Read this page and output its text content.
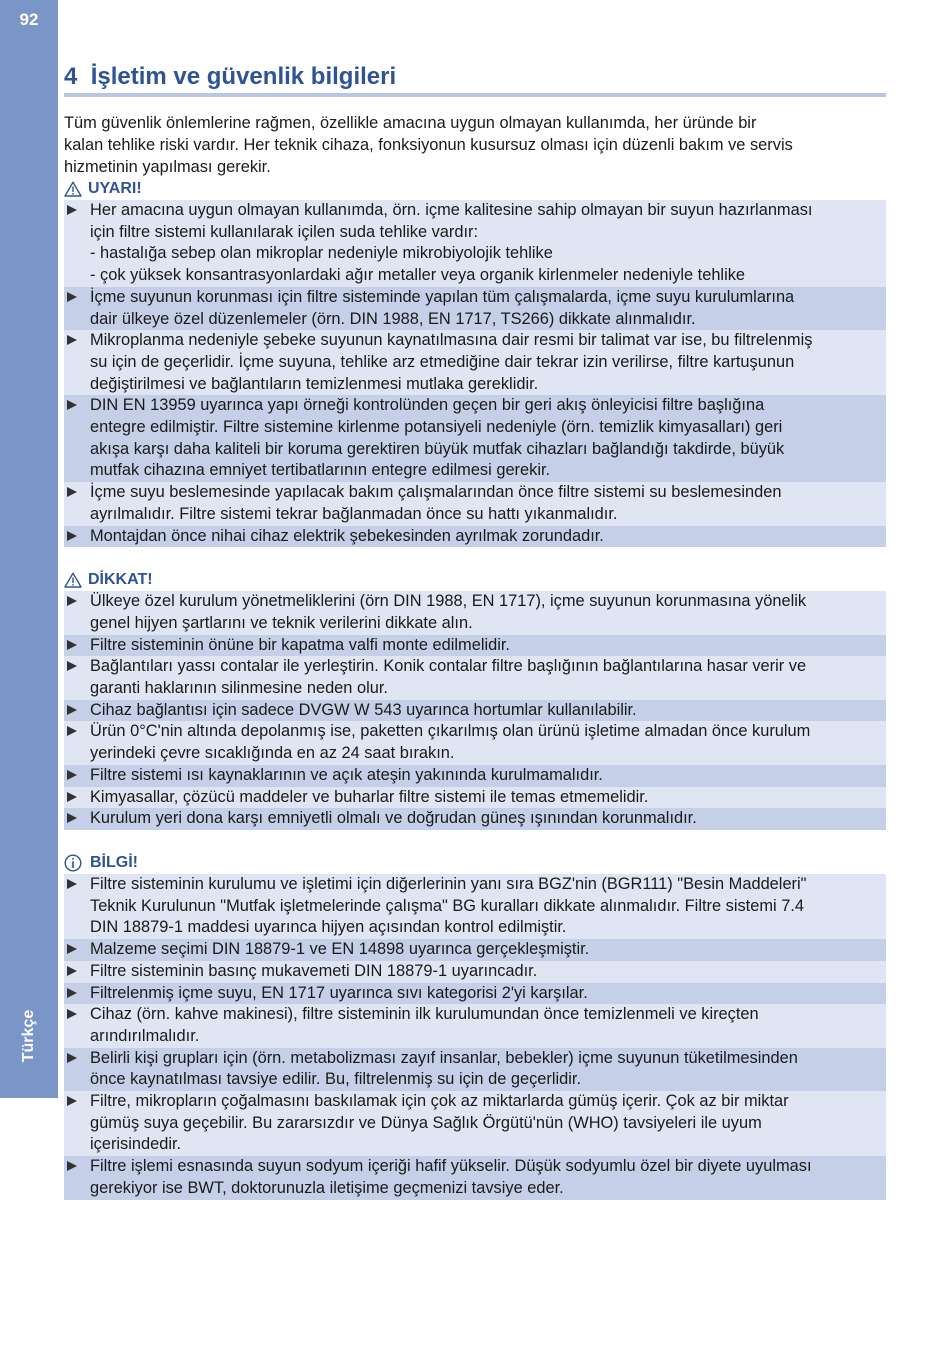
92
Türkçe
4 İşletim ve güvenlik bilgileri

Tüm güvenlik önlemlerine rağmen, özellikle amacına uygun olmayan kullanımda, her üründe bir
kalan tehlike riski vardır. Her teknik cihaza, fonksiyonun kusursuz olması için düzenli bakım ve servis
hizmetinin yapılması gerekir.

UYARI!
Her amacına uygun olmayan kullanımda, örn. içme kalitesine sahip olmayan bir suyun hazırlanması
için filtre sistemi kullanılarak içilen suda tehlike vardır:
- hastalığa sebep olan mikroplar nedeniyle mikrobiyolojik tehlike
- çok yüksek konsantrasyonlardaki ağır metaller veya organik kirlenmeler nedeniyle tehlike
İçme suyunun korunması için filtre sisteminde yapılan tüm çalışmalarda, içme suyu kurulumlarına
dair ülkeye özel düzenlemeler (örn. DIN 1988, EN 1717, TS266) dikkate alınmalıdır.
Mikroplanma nedeniyle şebeke suyunun kaynatılmasına dair resmi bir talimat var ise, bu filtrelenmiş
su için de geçerlidir. İçme suyuna, tehlike arz etmediğine dair tekrar izin verilirse, filtre kartuşunun
değiştirilmesi ve bağlantıların temizlenmesi mutlaka gereklidir.
DIN EN 13959 uyarınca yapı örneği kontrolünden geçen bir geri akış önleyicisi filtre başlığına
entegre edilmiştir. Filtre sistemine kirlenme potansiyeli nedeniyle (örn. temizlik kimyasalları) geri
akışa karşı daha kaliteli bir koruma gerektiren büyük mutfak cihazları bağlandığı takdirde, büyük
mutfak cihazına emniyet tertibatlarının entegre edilmesi gerekir.
İçme suyu beslemesinde yapılacak bakım çalışmalarından önce filtre sistemi su beslemesinden
ayrılmalıdır. Filtre sistemi tekrar bağlanmadan önce su hattı yıkanmalıdır.
Montajdan önce nihai cihaz elektrik şebekesinden ayrılmak zorundadır.
DİKKAT!
Ülkeye özel kurulum yönetmeliklerini (örn DIN 1988, EN 1717), içme suyunun korunmasına yönelik
genel hijyen şartlarını ve teknik verilerini dikkate alın.
Filtre sisteminin önüne bir kapatma valfi monte edilmelidir.
Bağlantıları yassı contalar ile yerleştirin. Konik contalar filtre başlığının bağlantılarına hasar verir ve
garanti haklarının silinmesine neden olur.
Cihaz bağlantısı için sadece DVGW W 543 uyarınca hortumlar kullanılabilir.
Ürün 0°C'nin altında depolanmış ise, paketten çıkarılmış olan ürünü işletime almadan önce kurulum
yerindeki çevre sıcaklığında en az 24 saat bırakın.
Filtre sistemi ısı kaynaklarının ve açık ateşin yakınında kurulmamalıdır.
Kimyasallar, çözücü maddeler ve buharlar filtre sistemi ile temas etmemelidir.
Kurulum yeri dona karşı emniyetli olmalı ve doğrudan güneş ışınından korunmalıdır.
BİLGİ!
Filtre sisteminin kurulumu ve işletimi için diğerlerinin yanı sıra BGZ'nin (BGR111) "Besin Maddeleri"
Teknik Kurulunun "Mutfak işletmelerinde çalışma" BG kuralları dikkate alınmalıdır. Filtre sistemi 7.4
DIN 18879-1 maddesi uyarınca hijyen açısından kontrol edilmiştir.
Malzeme seçimi DIN 18879-1 ve EN 14898 uyarınca gerçekleşmiştir.
Filtre sisteminin basınç mukavemeti DIN 18879-1 uyarıncadır.
Filtrelenmiş içme suyu, EN 1717 uyarınca sıvı kategorisi 2'yi karşılar.
Cihaz (örn. kahve makinesi), filtre sisteminin ilk kurulumundan önce temizlenmeli ve kireçten
arındırılmalıdır.
Belirli kişi grupları için (örn. metabolizması zayıf insanlar, bebekler) içme suyunun tüketilmesinden
önce kaynatılması tavsiye edilir. Bu, filtrelenmiş su için de geçerlidir.
Filtre, mikropların çoğalmasını baskılamak için çok az miktarlarda gümüş içerir. Çok az bir miktar
gümüş suya geçebilir. Bu zararsızdır ve Dünya Sağlık Örgütü'nün (WHO) tavsiyeleri ile uyum
içerisindedir.
Filtre işlemi esnasında suyun sodyum içeriği hafif yükselir. Düşük sodyumlu özel bir diyete uyulması
gerekiyor ise BWT, doktorunuzla iletişime geçmenizi tavsiye eder.
